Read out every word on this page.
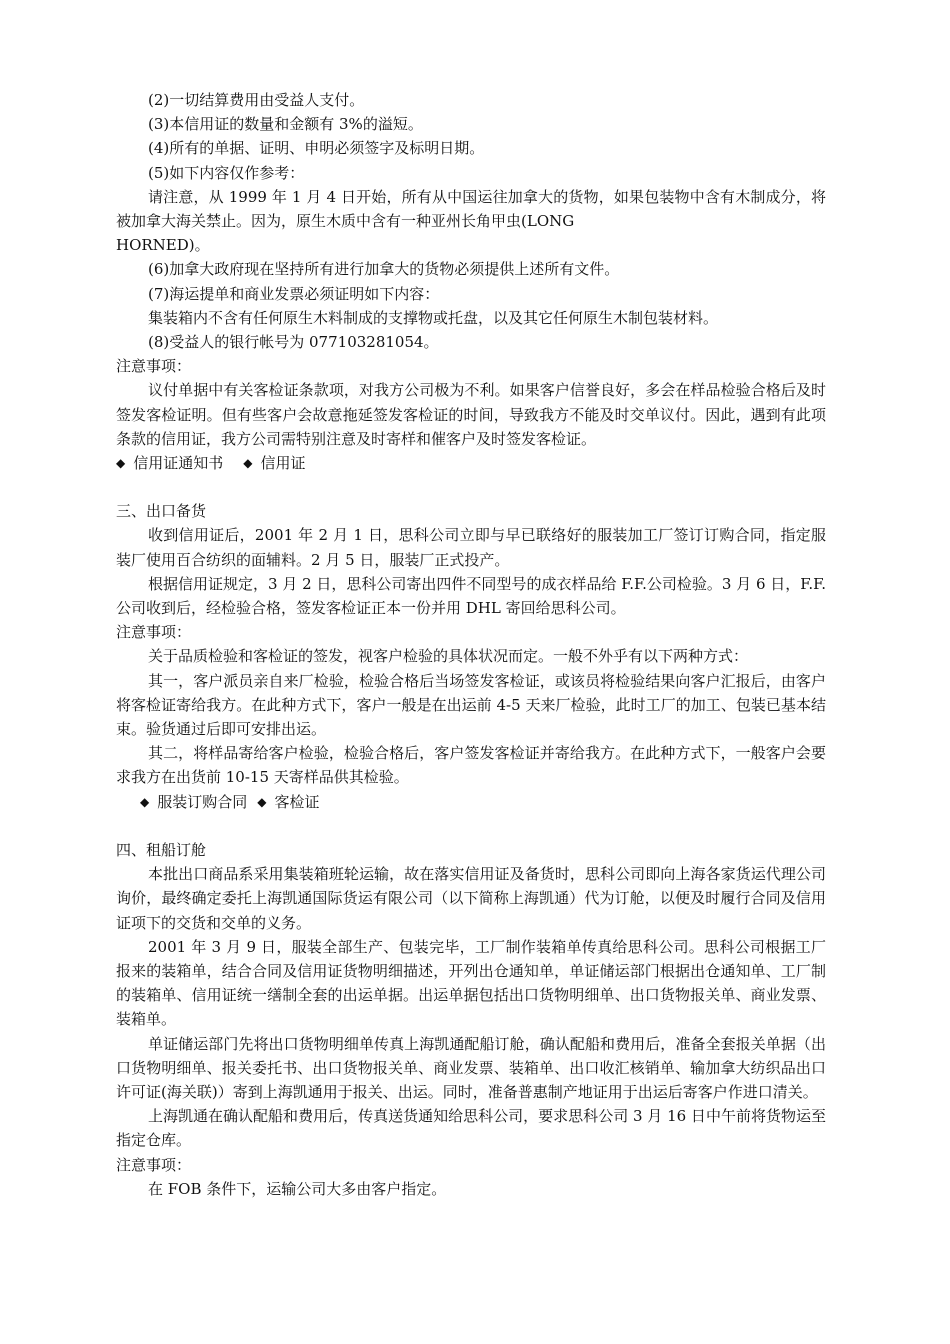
(2)一切结算费用由受益人支付。

(3)本信用证的数量和金额有 3%的溢短。

(4)所有的单据、证明、申明必须签字及标明日期。

(5)如下内容仅作参考：

请注意，从 1999 年 1 月 4 日开始，所有从中国运往加拿大的货物，如果包装物中含有木制成分，将被加拿大海关禁止。因为，原生木质中含有一种亚州长角甲虫(LONG

HORNED)。

(6)加拿大政府现在坚持所有进行加拿大的货物必须提供上述所有文件。

(7)海运提单和商业发票必须证明如下内容：

集装箱内不含有任何原生木料制成的支撑物或托盘，以及其它任何原生木制包装材料。

(8)受益人的银行帐号为 077103281054。

注意事项：

议付单据中有关客检证条款项，对我方公司极为不利。如果客户信誉良好，多会在样品检验合格后及时签发客检证明。但有些客户会故意拖延签发客检证的时间，导致我方不能及时交单议付。因此，遇到有此项条款的信用证，我方公司需特别注意及时寄样和催客户及时签发客检证。

◆ 信用证通知书 ◆ 信用证

三、出口备货

收到信用证后，2001 年 2 月 1 日，思科公司立即与早已联络好的服装加工厂签订订购合同，指定服装厂使用百合纺织的面辅料。2 月 5 日，服装厂正式投产。

根据信用证规定，3 月 2 日，思科公司寄出四件不同型号的成衣样品给 F.F.公司检验。3 月 6 日，F.F.公司收到后，经检验合格，签发客检证正本一份并用 DHL 寄回给思科公司。

注意事项：

关于品质检验和客检证的签发，视客户检验的具体状况而定。一般不外乎有以下两种方式：

其一，客户派员亲自来厂检验，检验合格后当场签发客检证，或该员将检验结果向客户汇报后，由客户将客检证寄给我方。在此种方式下，客户一般是在出运前 4-5 天来厂检验，此时工厂的加工、包装已基本结束。验货通过后即可安排出运。

其二，将样品寄给客户检验，检验合格后，客户签发客检证并寄给我方。在此种方式下，一般客户会要求我方在出货前 10-15 天寄样品供其检验。

◆ 服装订购合同 ◆ 客检证

四、租船订舱

本批出口商品系采用集装箱班轮运输，故在落实信用证及备货时，思科公司即向上海各家货运代理公司询价，最终确定委托上海凯通国际货运有限公司（以下简称上海凯通）代为订舱，以便及时履行合同及信用证项下的交货和交单的义务。

2001 年 3 月 9 日，服装全部生产、包装完毕，工厂制作装箱单传真给思科公司。思科公司根据工厂报来的装箱单，结合合同及信用证货物明细描述，开列出仓通知单，单证储运部门根据出仓通知单、工厂制的装箱单、信用证统一缮制全套的出运单据。出运单据包括出口货物明细单、出口货物报关单、商业发票、装箱单。

单证储运部门先将出口货物明细单传真上海凯通配船订舱，确认配船和费用后，准备全套报关单据（出口货物明细单、报关委托书、出口货物报关单、商业发票、装箱单、出口收汇核销单、输加拿大纺织品出口许可证(海关联)）寄到上海凯通用于报关、出运。同时，准备普惠制产地证用于出运后寄客户作进口清关。

上海凯通在确认配船和费用后，传真送货通知给思科公司，要求思科公司 3 月 16 日中午前将货物运至指定仓库。

注意事项：

在 FOB 条件下，运输公司大多由客户指定。
